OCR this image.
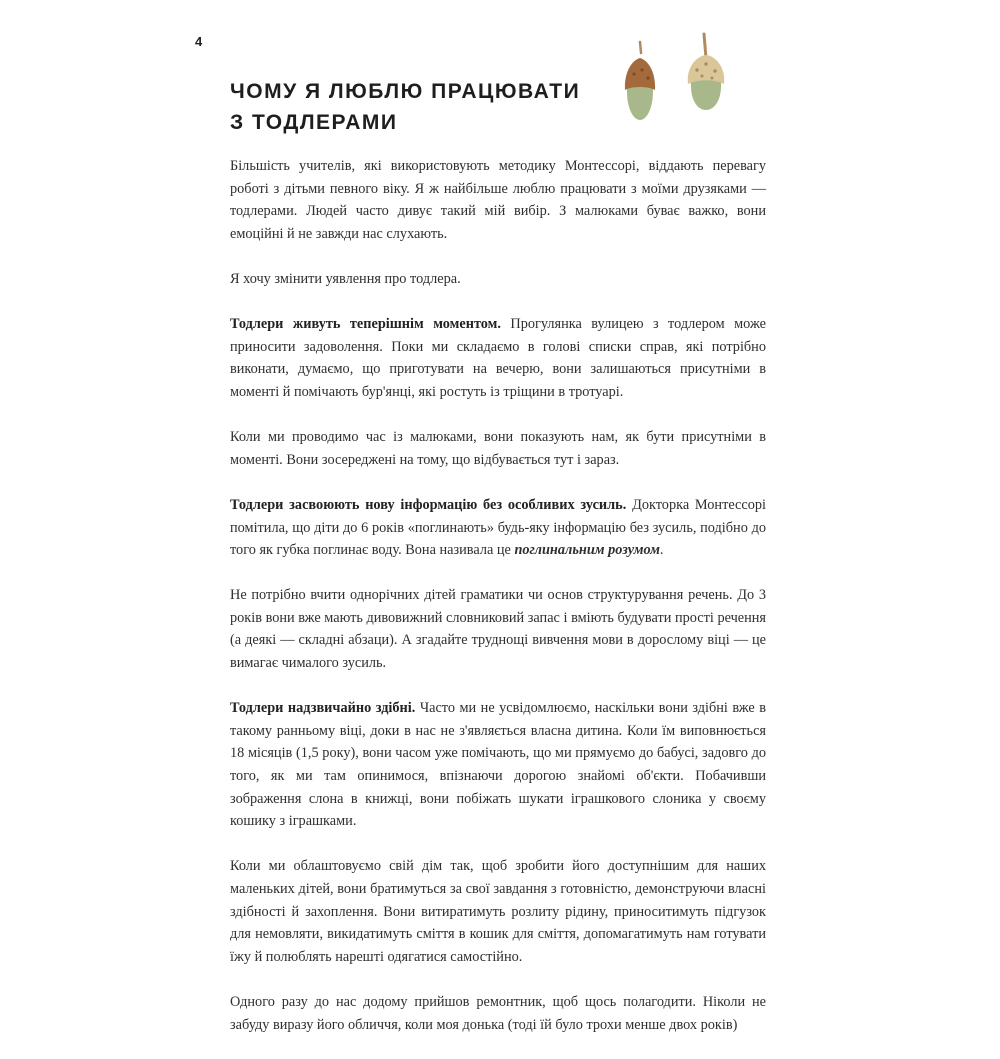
4
ЧОМУ Я ЛЮБЛЮ ПРАЦЮВАТИ
З ТОДЛЕРАМИ

Більшість учителів, які використовують методику Монтессорі, віддають перевагу роботі з дітьми певного віку. Я ж найбільше люблю працювати з моїми друзяками — тодлерами. Людей часто дивує такий мій вибір. З малюками буває важко, вони емоційні й не завжди нас слухають.

Я хочу змінити уявлення про тодлера.

Тодлери живуть теперішнім моментом. Прогулянка вулицею з тодлером може приносити задоволення. Поки ми складаємо в голові списки справ, які потрібно виконати, думаємо, що приготувати на вечерю, вони залишаються присутніми в моменті й помічають бур'янці, які ростуть із тріщини в тротуарі.

Коли ми проводимо час із малюками, вони показують нам, як бути присутніми в моменті. Вони зосереджені на тому, що відбувається тут і зараз.

Тодлери засвоюють нову інформацію без особливих зусиль. Докторка Монтессорі помітила, що діти до 6 років «поглинають» будь-яку інформацію без зусиль, подібно до того як губка поглинає воду. Вона називала це поглинальним розумом.

Не потрібно вчити однорічних дітей граматики чи основ структурування речень. До 3 років вони вже мають дивовижний словниковий запас і вміють будувати прості речення (а деякі — складні абзаци). А згадайте труднощі вивчення мови в дорослому віці — це вимагає чималого зусиль.

Тодлери надзвичайно здібні. Часто ми не усвідомлюємо, наскільки вони здібні вже в такому ранньому віці, доки в нас не з'являється власна дитина. Коли їм виповнюється 18 місяців (1,5 року), вони часом уже помічають, що ми прямуємо до бабусі, задовго до того, як ми там опинимося, впізнаючи дорогою знайомі об'єкти. Побачивши зображення слона в книжці, вони побіжать шукати іграшкового слоника у своєму кошику з іграшками.

Коли ми облаштовуємо свій дім так, щоб зробити його доступнішим для наших маленьких дітей, вони братимуться за свої завдання з готовністю, демонструючи власні здібності й захоплення. Вони витиратимуть розлиту рідину, приноситимуть підгузок для немовляти, викидатимуть сміття в кошик для сміття, допомагатимуть нам готувати їжу й полюблять нарешті одягатися самостійно.

Одного разу до нас додому прийшов ремонтник, щоб щось полагодити. Ніколи не забуду виразу його обличчя, коли моя донька (тоді їй було трохи менше двох років)
